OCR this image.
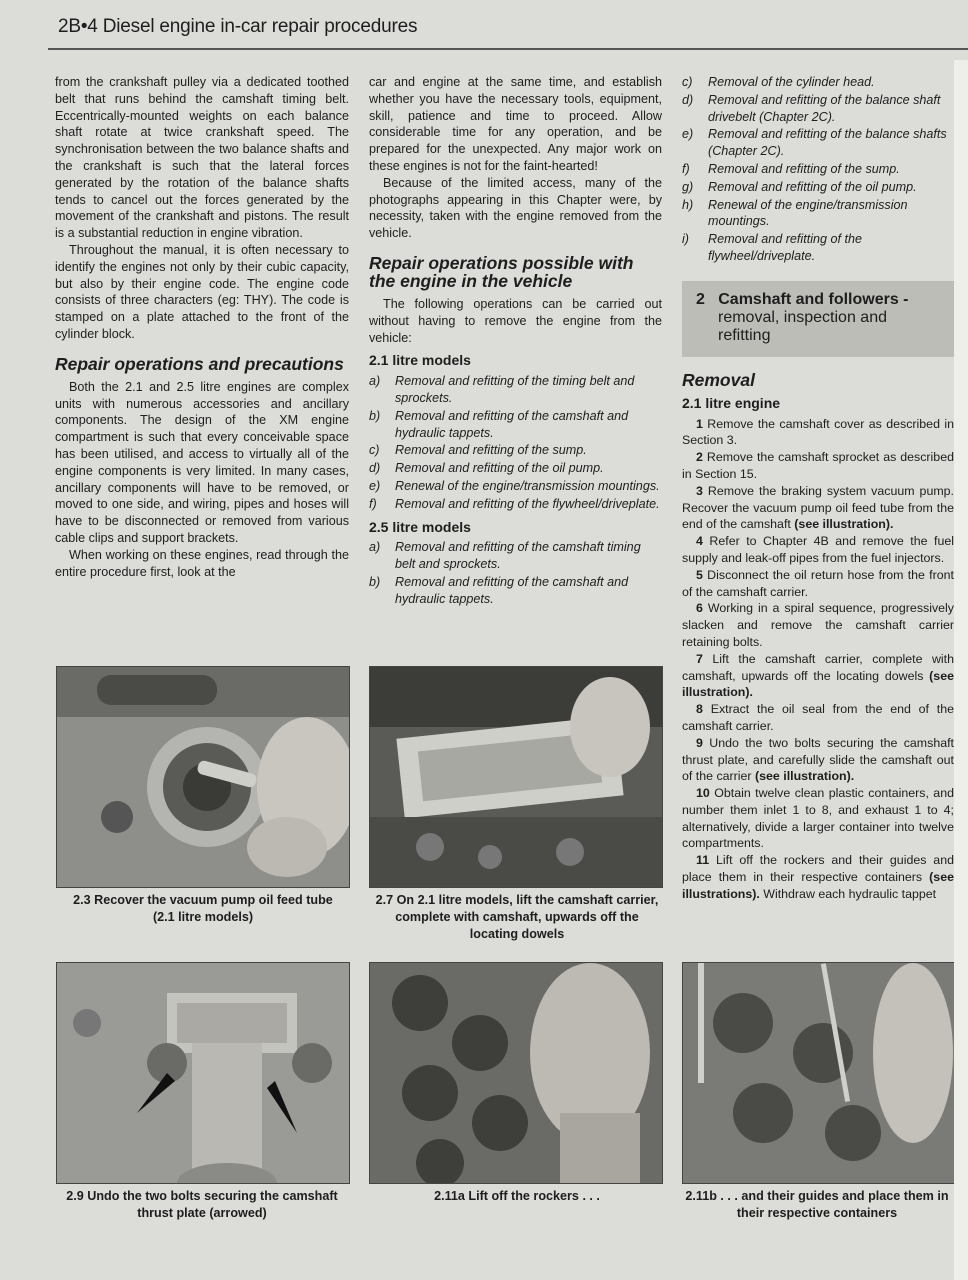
2B•4 Diesel engine in-car repair procedures

from the crankshaft pulley via a dedicated toothed belt that runs behind the camshaft timing belt. Eccentrically-mounted weights on each balance shaft rotate at twice crankshaft speed. The synchronisation between the two balance shafts and the crankshaft is such that the lateral forces generated by the rotation of the balance shafts tends to cancel out the forces generated by the movement of the crankshaft and pistons. The result is a substantial reduction in engine vibration.

Throughout the manual, it is often necessary to identify the engines not only by their cubic capacity, but also by their engine code. The engine code consists of three characters (eg: THY). The code is stamped on a plate attached to the front of the cylinder block.

Repair operations and precautions

Both the 2.1 and 2.5 litre engines are complex units with numerous accessories and ancillary components. The design of the XM engine compartment is such that every conceivable space has been utilised, and access to virtually all of the engine components is very limited. In many cases, ancillary components will have to be removed, or moved to one side, and wiring, pipes and hoses will have to be disconnected or removed from various cable clips and support brackets.

When working on these engines, read through the entire procedure first, look at the

car and engine at the same time, and establish whether you have the necessary tools, equipment, skill, patience and time to proceed. Allow considerable time for any operation, and be prepared for the unexpected. Any major work on these engines is not for the faint-hearted!

Because of the limited access, many of the photographs appearing in this Chapter were, by necessity, taken with the engine removed from the vehicle.

Repair operations possible with the engine in the vehicle

The following operations can be carried out without having to remove the engine from the vehicle:

2.1 litre models
a)	Removal and refitting of the timing belt and sprockets.
b)	Removal and refitting of the camshaft and hydraulic tappets.
c)	Removal and refitting of the sump.
d)	Removal and refitting of the oil pump.
e)	Renewal of the engine/transmission mountings.
f)	Removal and refitting of the flywheel/driveplate.
2.5 litre models
a)	Removal and refitting of the camshaft timing belt and sprockets.
b)	Removal and refitting of the camshaft and hydraulic tappets.
c)	Removal of the cylinder head.
d)	Removal and refitting of the balance shaft drivebelt (Chapter 2C).
e)	Removal and refitting of the balance shafts (Chapter 2C).
f)	Removal and refitting of the sump.
g)	Removal and refitting of the oil pump.
h)	Renewal of the engine/transmission mountings.
i)	Removal and refitting of the flywheel/driveplate.
2 Camshaft and followers -
removal, inspection and refitting
Removal
2.1 litre engine

1 Remove the camshaft cover as described in Section 3.

2 Remove the camshaft sprocket as described in Section 15.

3 Remove the braking system vacuum pump. Recover the vacuum pump oil feed tube from the end of the camshaft (see illustration).

4 Refer to Chapter 4B and remove the fuel supply and leak-off pipes from the fuel injectors.

5 Disconnect the oil return hose from the front of the camshaft carrier.

6 Working in a spiral sequence, progressively slacken and remove the camshaft carrier retaining bolts.

7 Lift the camshaft carrier, complete with camshaft, upwards off the locating dowels (see illustration).

8 Extract the oil seal from the end of the camshaft carrier.

9 Undo the two bolts securing the camshaft thrust plate, and carefully slide the camshaft out of the carrier (see illustration).

10 Obtain twelve clean plastic containers, and number them inlet 1 to 8, and exhaust 1 to 4; alternatively, divide a larger container into twelve compartments.

11 Lift off the rockers and their guides and place them in their respective containers (see illustrations). Withdraw each hydraulic tappet

2.3 Recover the vacuum pump oil feed tube (2.1 litre models)
2.7 On 2.1 litre models, lift the camshaft carrier, complete with camshaft, upwards off the locating dowels
2.9 Undo the two bolts securing the camshaft thrust plate (arrowed)
2.11a Lift off the rockers . . .	2.11b . . . and their guides and place them in their respective containers
